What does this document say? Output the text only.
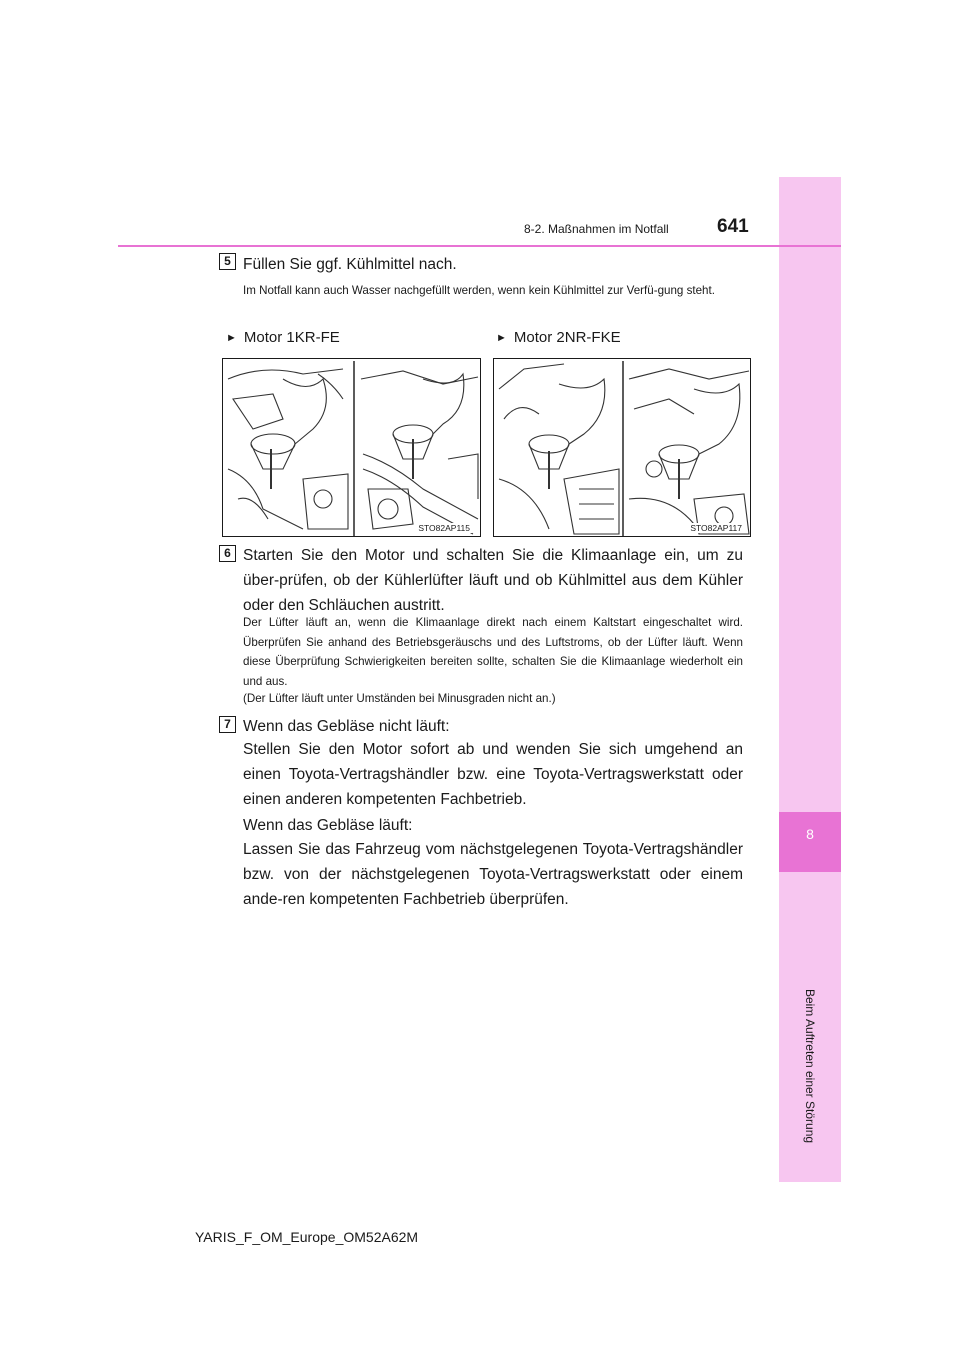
8
Beim Auftreten einer Störung
8-2. Maßnahmen im Notfall	641
5 Füllen Sie ggf. Kühlmittel nach.
Im Notfall kann auch Wasser nachgefüllt werden, wenn kein Kühlmittel zur Verfü-gung steht.
► Motor 1KR-FE	► Motor 2NR-FKE
STO82AP115	STO82AP117
6 Starten Sie den Motor und schalten Sie die Klimaanlage ein, um zu über-prüfen, ob der Kühlerlüfter läuft und ob Kühlmittel aus dem Kühler oder den Schläuchen austritt.
Der Lüfter läuft an, wenn die Klimaanlage direkt nach einem Kaltstart eingeschaltet wird. Überprüfen Sie anhand des Betriebsgeräuschs und des Luftstroms, ob der Lüfter läuft. Wenn diese Überprüfung Schwierigkeiten bereiten sollte, schalten Sie die Klimaanlage wiederholt ein und aus.
(Der Lüfter läuft unter Umständen bei Minusgraden nicht an.)
7 Wenn das Gebläse nicht läuft:
Stellen Sie den Motor sofort ab und wenden Sie sich umgehend an einen Toyota-Vertragshändler bzw. eine Toyota-Vertragswerkstatt oder einen anderen kompetenten Fachbetrieb.
Wenn das Gebläse läuft:
Lassen Sie das Fahrzeug vom nächstgelegenen Toyota-Vertragshändler bzw. von der nächstgelegenen Toyota-Vertragswerkstatt oder einem ande-ren kompetenten Fachbetrieb überprüfen.
YARIS_F_OM_Europe_OM52A62M
